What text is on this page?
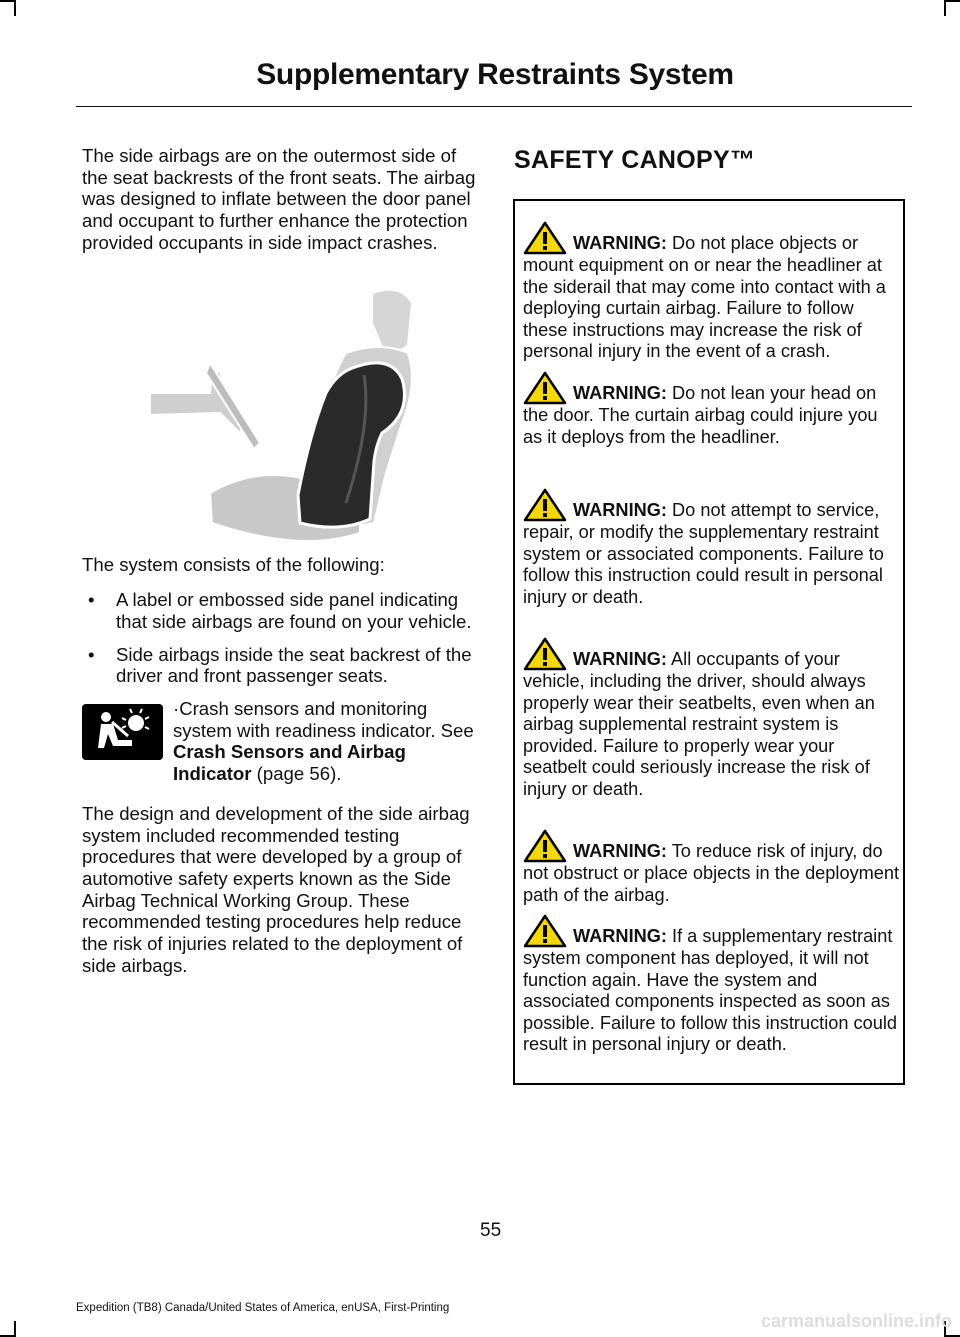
Supplementary Restraints System

The side airbags are on the outermost side of the seat backrests of the front seats. The airbag was designed to inflate between the door panel and occupant to further enhance the protection provided occupants in side impact crashes.

The system consists of the following:

• A label or embossed side panel indicating that side airbags are found on your vehicle.
• Side airbags inside the seat backrest of the driver and front passenger seats.
·Crash sensors and monitoring system with readiness indicator. See Crash Sensors and Airbag Indicator (page 56).

The design and development of the side airbag system included recommended testing procedures that were developed by a group of automotive safety experts known as the Side Airbag Technical Working Group. These recommended testing procedures help reduce the risk of injuries related to the deployment of side airbags.

SAFETY CANOPY™
WARNING: Do not place objects or mount equipment on or near the headliner at the siderail that may come into contact with a deploying curtain airbag. Failure to follow these instructions may increase the risk of personal injury in the event of a crash.
WARNING: Do not lean your head on the door. The curtain airbag could injure you as it deploys from the headliner.
WARNING: Do not attempt to service, repair, or modify the supplementary restraint system or associated components. Failure to follow this instruction could result in personal injury or death.
WARNING: All occupants of your vehicle, including the driver, should always properly wear their seatbelts, even when an airbag supplemental restraint system is provided. Failure to properly wear your seatbelt could seriously increase the risk of injury or death.
WARNING: To reduce risk of injury, do not obstruct or place objects in the deployment path of the airbag.
WARNING: If a supplementary restraint system component has deployed, it will not function again. Have the system and associated components inspected as soon as possible. Failure to follow this instruction could result in personal injury or death.
55
Expedition (TB8) Canada/United States of America, enUSA, First-Printing
carmanualsonline.info
